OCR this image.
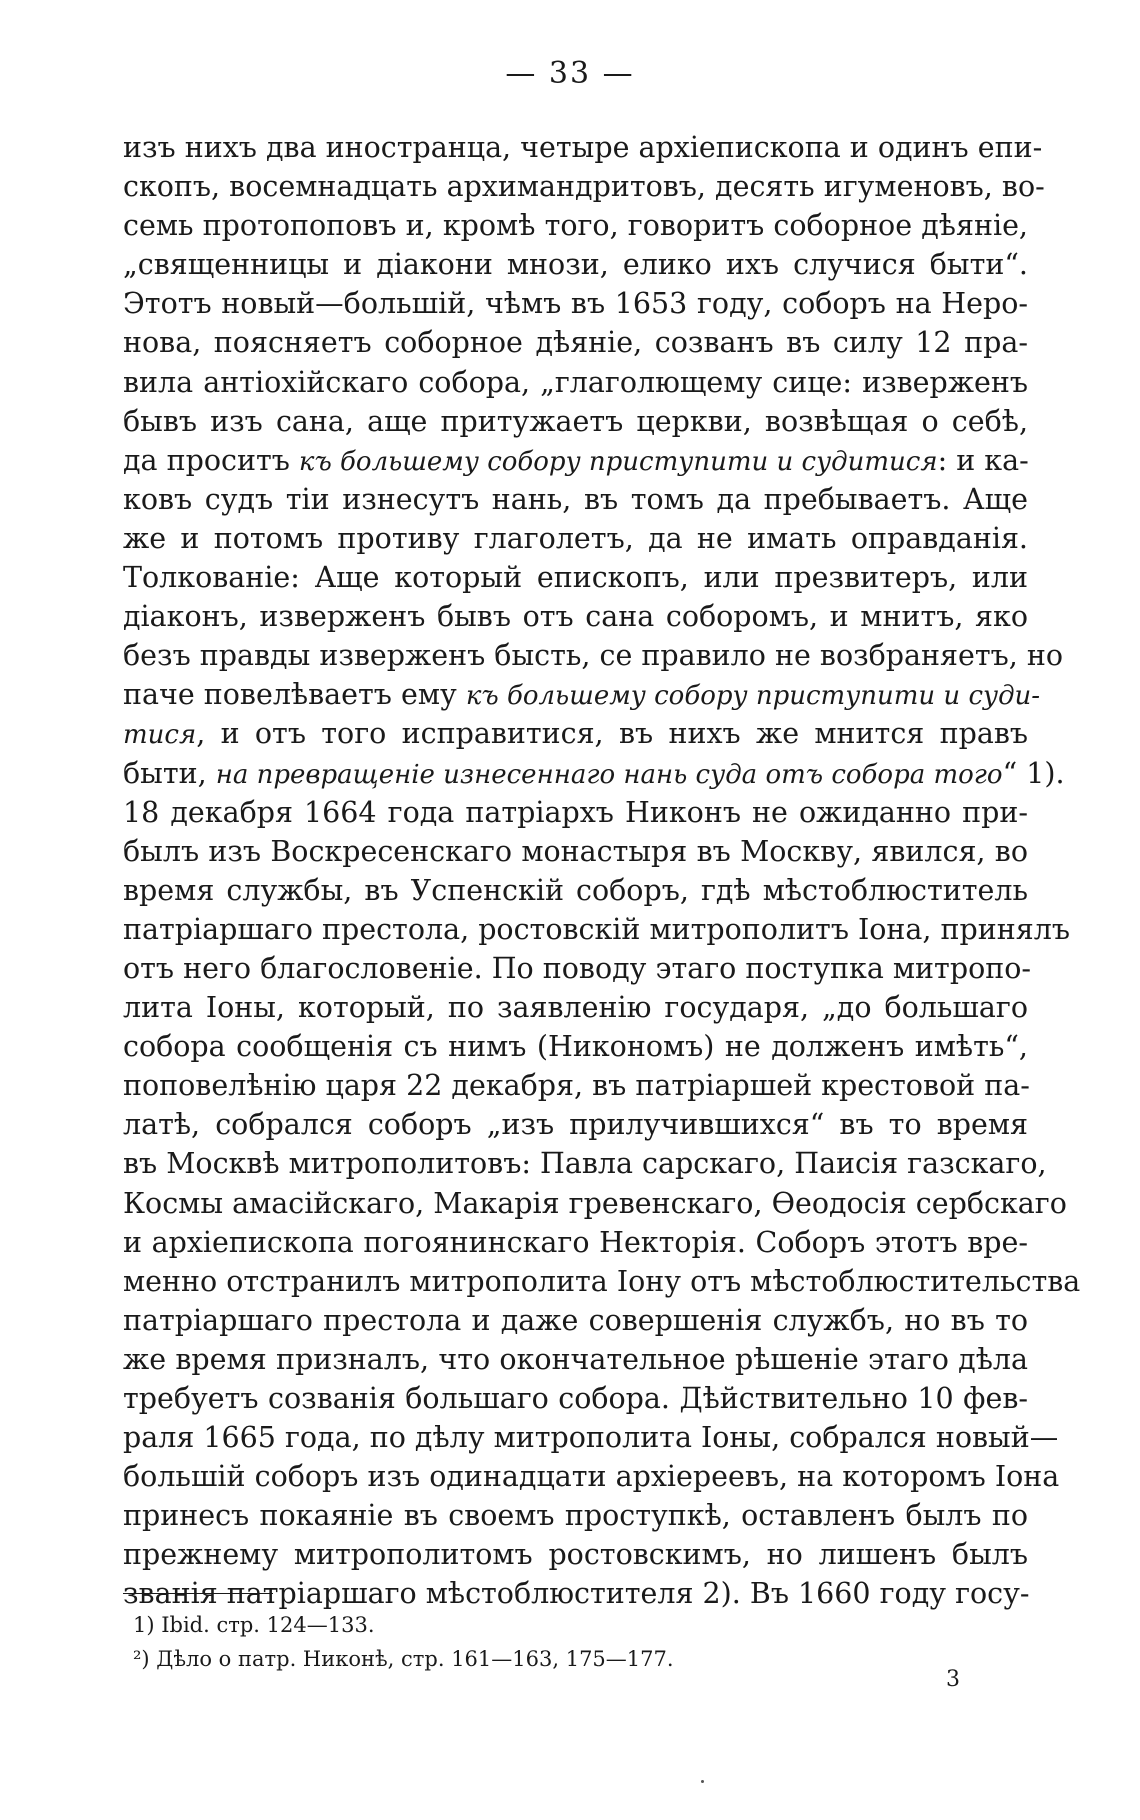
— 33 —
изъ нихъ два иностранца, четыре архіепископа и одинъ епи-
скопъ, восемнадцать архимандритовъ, десять игуменовъ, во-
семь протопоповъ и, кромѣ того, говоритъ соборное дѣяніе,
„священницы и діакони мнози, елико ихъ случися быти“.
Этотъ новый—большій, чѣмъ въ 1653 году, соборъ на Неро-
нова, поясняетъ соборное дѣяніе, созванъ въ силу 12 пра-
вила антіохійскаго собора, „глаголющему сице: изверженъ
бывъ изъ сана, аще притужаетъ церкви, возвѣщая о себѣ,
да проситъ къ большему собору приступити и судитися: и ка-
ковъ судъ тіи изнесутъ нань, въ томъ да пребываетъ. Аще
же и потомъ противу глаголетъ, да не имать оправданія.
Толкованіе: Аще который епископъ, или презвитеръ, или
діаконъ, изверженъ бывъ отъ сана соборомъ, и мнитъ, яко
безъ правды изверженъ бысть, се правило не возбраняетъ, но
паче повелѣваетъ ему къ большему собору приступити и суди-
тися, и отъ того исправитися, въ нихъ же мнится правъ
быти, на превращеніе изнесеннаго нань суда отъ собора того“ 1).
18 декабря 1664 года патріархъ Никонъ не ожиданно при-
былъ изъ Воскресенскаго монастыря въ Москву, явился, во
время службы, въ Успенскій соборъ, гдѣ мѣстоблюститель
патріаршаго престола, ростовскій митрополитъ Іона, принялъ
отъ него благословеніе. По поводу этаго поступка митропо-
лита Іоны, который, по заявленію государя, „до большаго
собора сообщенія съ нимъ (Никономъ) не долженъ имѣть“,
поповелѣнію царя 22 декабря, въ патріаршей крестовой па-
латѣ, собрался соборъ „изъ прилучившихся“ въ то время
въ Москвѣ митрополитовъ: Павла сарскаго, Паисія газскаго,
Космы амасійскаго, Макарія гревенскаго, Ѳеодосія сербскаго
и архіепископа погоянинскаго Некторія. Соборъ этотъ вре-
менно отстранилъ митрополита Іону отъ мѣстоблюстительства
патріаршаго престола и даже совершенія службъ, но въ то
же время призналъ, что окончательное рѣшеніе этаго дѣла
требуетъ созванія большаго собора. Дѣйствительно 10 фев-
раля 1665 года, по дѣлу митрополита Іоны, собрался новый—
большій соборъ изъ одинадцати архіереевъ, на которомъ Іона
принесъ покаяніе въ своемъ проступкѣ, оставленъ былъ по
прежнему митрополитомъ ростовскимъ, но лишенъ былъ
званія патріаршаго мѣстоблюстителя 2). Въ 1660 году госу-
1) Ibid. стр. 124—133.
²) Дѣло о патр. Никонѣ, стр. 161—163, 175—177.
3
